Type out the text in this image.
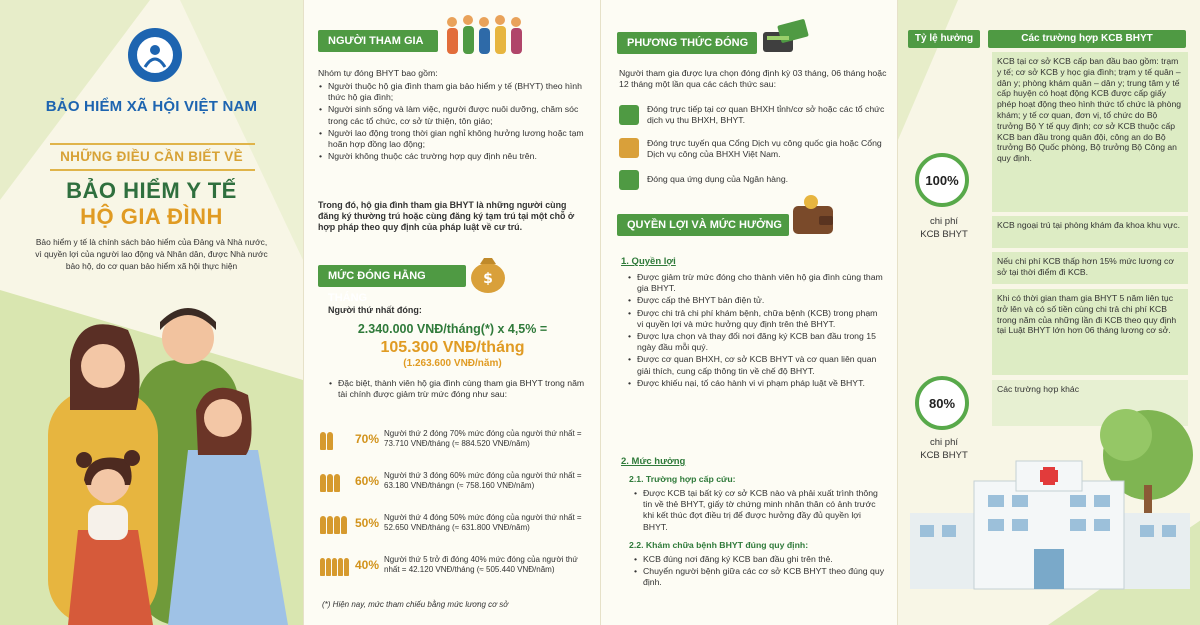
BẢO HIỂM XÃ HỘI VIỆT NAM
NHỮNG ĐIỀU CẦN BIẾT VỀ
BẢO HIỂM Y TẾ
HỘ GIA ĐÌNH
Bảo hiểm y tế là chính sách bảo hiểm của Đảng và Nhà nước, vì quyền lợi của người lao động và Nhân dân, được Nhà nước bảo hộ, do cơ quan bảo hiểm xã hội thực hiện
NGƯỜI THAM GIA
Nhóm tự đóng BHYT bao gồm:
• Người thuộc hộ gia đình tham gia bảo hiểm y tế (BHYT) theo hình thức hộ gia đình;
• Người sinh sống và làm việc, người được nuôi dưỡng, chăm sóc trong các tổ chức, cơ sở từ thiện, tôn giáo;
• Người lao động trong thời gian nghỉ không hưởng lương hoặc tạm hoãn hợp đồng lao động;
• Người không thuộc các trường hợp quy định nêu trên.
Trong đó, hộ gia đình tham gia BHYT là những người cùng đăng ký thường trú hoặc cùng đăng ký tạm trú tại một chỗ ở hợp pháp theo quy định của pháp luật về cư trú.
MỨC ĐÓNG HẰNG THÁNG
$
Người thứ nhất đóng:
2.340.000 VNĐ/tháng(*) x 4,5% =
105.300 VNĐ/tháng
(1.263.600 VNĐ/năm)
• Đặc biệt, thành viên hộ gia đình cùng tham gia BHYT trong năm tài chính được giảm trừ mức đóng như sau:
70% Người thứ 2 đóng 70% mức đóng của người thứ nhất = 73.710 VNĐ/tháng (≈ 884.520 VNĐ/năm)
60% Người thứ 3 đóng 60% mức đóng của người thứ nhất = 63.180 VNĐ/thángn (≈ 758.160 VNĐ/năm)
50% Người thứ 4 đóng 50% mức đóng của người thứ nhất = 52.650 VNĐ/tháng (≈ 631.800 VNĐ/năm)
40% Người thứ 5 trở đi đóng 40% mức đóng của người thứ nhất = 42.120 VNĐ/tháng (≈ 505.440 VNĐ/năm)
(*) Hiện nay, mức tham chiếu bằng mức lương cơ sở
PHƯƠNG THỨC ĐÓNG
Người tham gia được lựa chọn đóng định kỳ 03 tháng, 06 tháng hoặc 12 tháng một lần qua các cách thức sau:
Đóng trực tiếp tại cơ quan BHXH tỉnh/cơ sở hoặc các tổ chức dịch vụ thu BHXH, BHYT.
Đóng trực tuyến qua Cổng Dịch vụ công quốc gia hoặc Cổng Dịch vụ công của BHXH Việt Nam.
Đóng qua ứng dụng của Ngân hàng.
QUYỀN LỢI VÀ MỨC HƯỞNG
1. Quyền lợi
• Được giảm trừ mức đóng cho thành viên hộ gia đình cùng tham gia BHYT.
• Được cấp thẻ BHYT bản điện tử.
• Được chi trả chi phí khám bệnh, chữa bệnh (KCB) trong phạm vi quyền lợi và mức hưởng quy định trên thẻ BHYT.
• Được lựa chọn và thay đổi nơi đăng ký KCB ban đầu trong 15 ngày đầu mỗi quý.
• Được cơ quan BHXH, cơ sở KCB BHYT và cơ quan liên quan giải thích, cung cấp thông tin về chế độ BHYT.
• Được khiếu nại, tố cáo hành vi vi phạm pháp luật về BHYT.
2. Mức hưởng
2.1. Trường hợp cấp cứu:
• Được KCB tại bất kỳ cơ sở KCB nào và phải xuất trình thông tin về thẻ BHYT, giấy tờ chứng minh nhân thân có ảnh trước khi kết thúc đợt điều trị để được hưởng đầy đủ quyền lợi BHYT.
2.2. Khám chữa bệnh BHYT đúng quy định:
• KCB đúng nơi đăng ký KCB ban đầu ghi trên thẻ.
• Chuyển người bệnh giữa các cơ sở KCB BHYT theo đúng quy định.
Tỷ lệ hưởng	Các trường hợp KCB BHYT
100%
chi phí
KCB BHYT
KCB tại cơ sở KCB cấp ban đầu bao gồm: trạm y tế; cơ sở KCB y học gia đình; trạm y tế quân – dân y; phòng khám quân – dân y; trung tâm y tế cấp huyện có hoạt động KCB được cấp giấy phép hoạt động theo hình thức tổ chức là phòng khám; y tế cơ quan, đơn vị, tổ chức do Bộ trưởng Bộ Y tế quy định; cơ sở KCB thuộc cấp KCB ban đầu trong quân đội, công an do Bộ trưởng Bộ Quốc phòng, Bộ trưởng Bộ Công an quy định.
KCB ngoại trú tại phòng khám đa khoa khu vực.
Nếu chi phí KCB thấp hơn 15% mức lương cơ sở tại thời điểm đi KCB.
Khi có thời gian tham gia BHYT 5 năm liên tục trở lên và có số tiền cùng chi trả chi phí KCB trong năm của những lần đi KCB theo quy định tại Luật BHYT lớn hơn 06 tháng lương cơ sở.
80%
chi phí
KCB BHYT
Các trường hợp khác
